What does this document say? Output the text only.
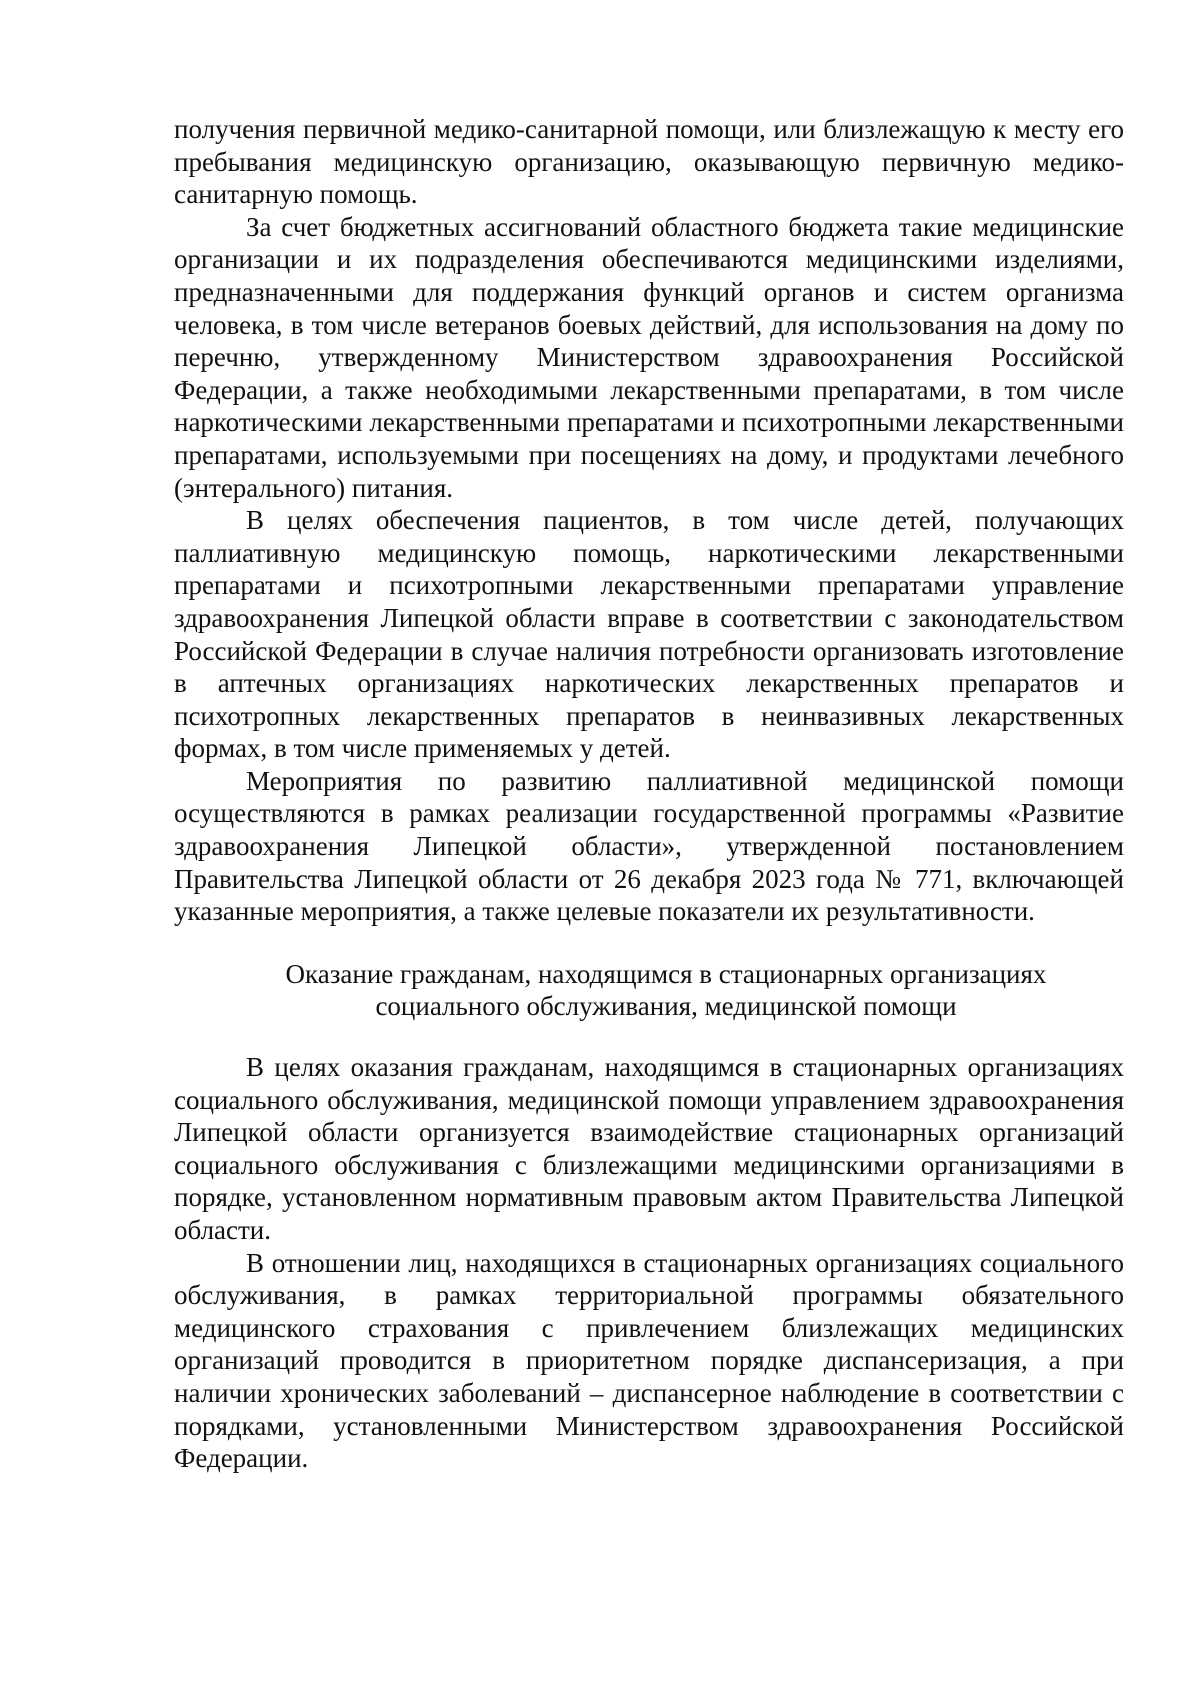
получения первичной медико-санитарной помощи, или близлежащую к месту его пребывания медицинскую организацию, оказывающую первичную медико-санитарную помощь.

За счет бюджетных ассигнований областного бюджета такие медицинские организации и их подразделения обеспечиваются медицинскими изделиями, предназначенными для поддержания функций органов и систем организма человека, в том числе ветеранов боевых действий, для использования на дому по перечню, утвержденному Министерством здравоохранения Российской Федерации, а также необходимыми лекарственными препаратами, в том числе наркотическими лекарственными препаратами и психотропными лекарственными препаратами, используемыми при посещениях на дому, и продуктами лечебного (энтерального) питания.

В целях обеспечения пациентов, в том числе детей, получающих паллиативную медицинскую помощь, наркотическими лекарственными препаратами и психотропными лекарственными препаратами управление здравоохранения Липецкой области вправе в соответствии с законодательством Российской Федерации в случае наличия потребности организовать изготовление в аптечных организациях наркотических лекарственных препаратов и психотропных лекарственных препаратов в неинвазивных лекарственных формах, в том числе применяемых у детей.

Мероприятия по развитию паллиативной медицинской помощи осуществляются в рамках реализации государственной программы «Развитие здравоохранения Липецкой области», утвержденной постановлением Правительства Липецкой области от 26 декабря 2023 года № 771, включающей указанные мероприятия, а также целевые показатели их результативности.

Оказание гражданам, находящимся в стационарных организациях
социального обслуживания, медицинской помощи

В целях оказания гражданам, находящимся в стационарных организациях социального обслуживания, медицинской помощи управлением здравоохранения Липецкой области организуется взаимодействие стационарных организаций социального обслуживания с близлежащими медицинскими организациями в порядке, установленном нормативным правовым актом Правительства Липецкой области.

В отношении лиц, находящихся в стационарных организациях социального обслуживания, в рамках территориальной программы обязательного медицинского страхования с привлечением близлежащих медицинских организаций проводится в приоритетном порядке диспансеризация, а при наличии хронических заболеваний – диспансерное наблюдение в соответствии с порядками, установленными Министерством здравоохранения Российской Федерации.
